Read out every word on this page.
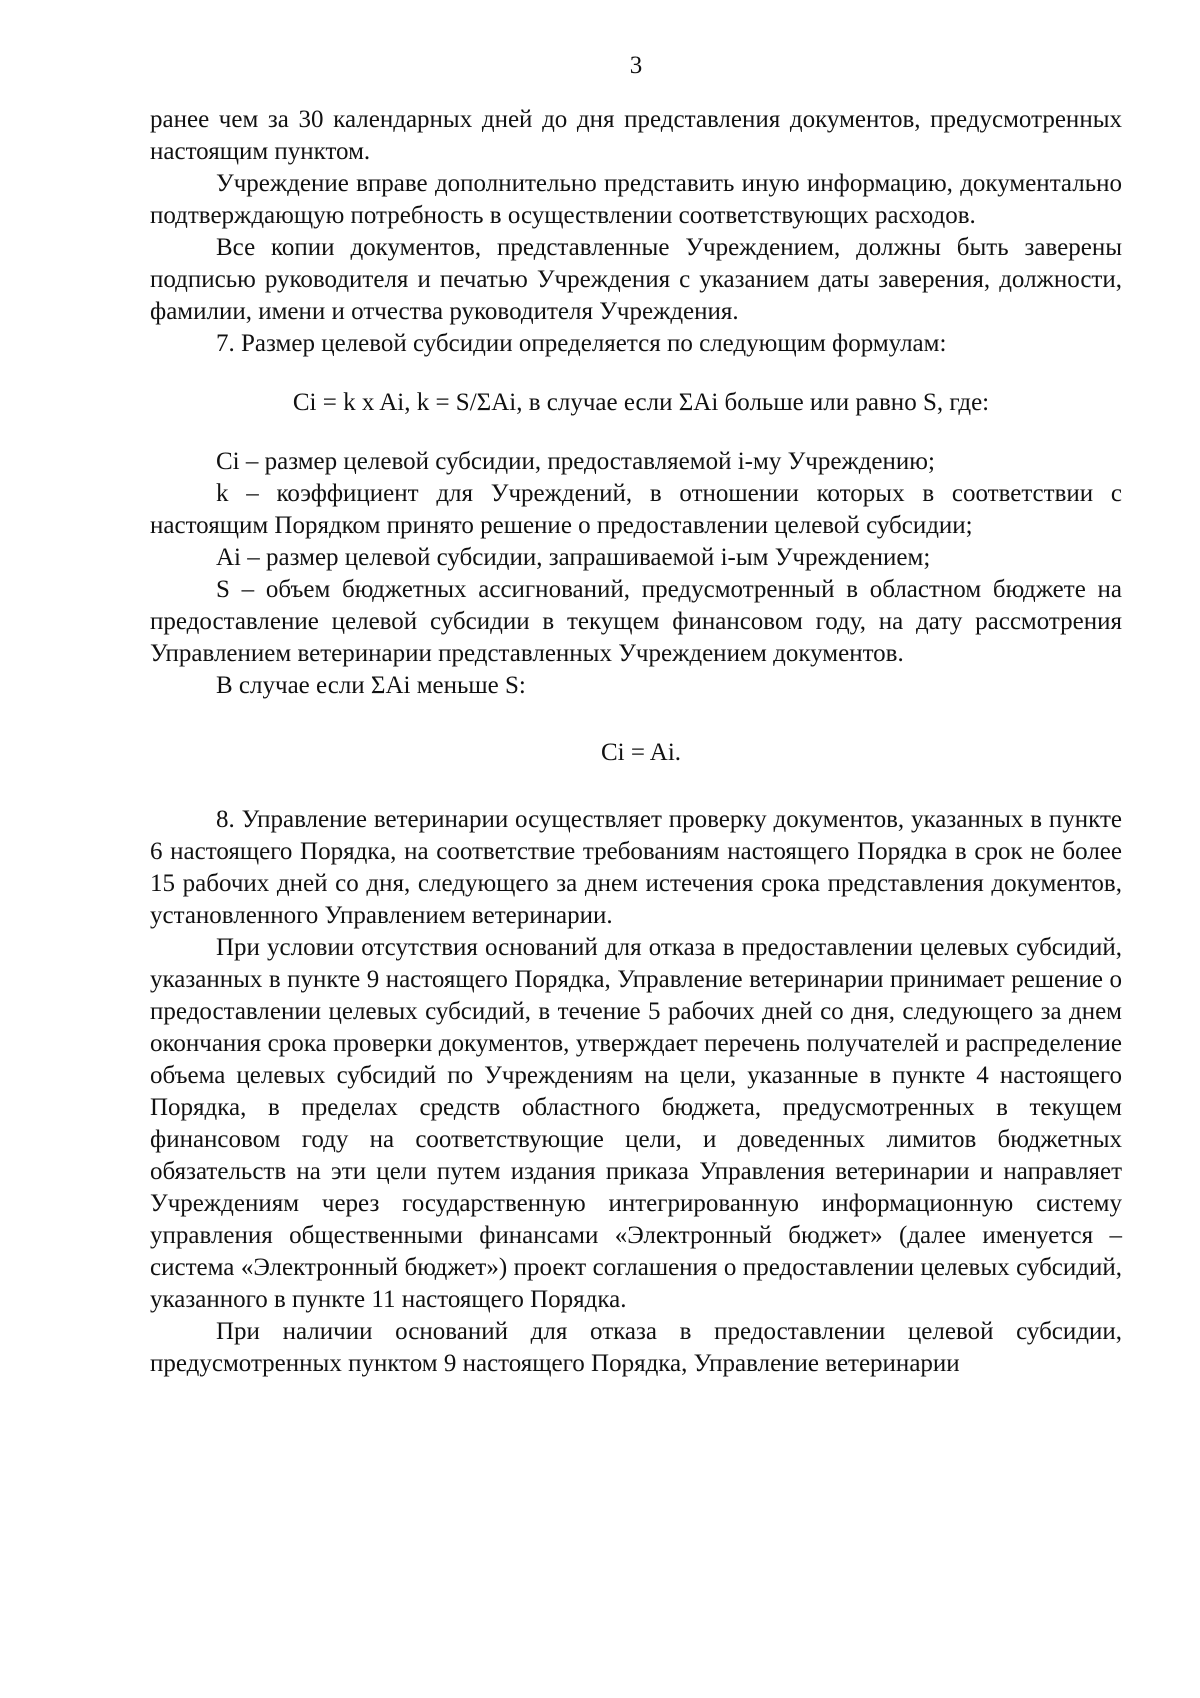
3

ранее чем за 30 календарных дней до дня представления документов, предусмотренных настоящим пунктом.

Учреждение вправе дополнительно представить иную информацию, документально подтверждающую потребность в осуществлении соответствующих расходов.

Все копии документов, представленные Учреждением, должны быть заверены подписью руководителя и печатью Учреждения с указанием даты заверения, должности, фамилии, имени и отчества руководителя Учреждения.

7. Размер целевой субсидии определяется по следующим формулам:

Ci = k x Ai, k = S/ΣAi, в случае если ΣAi больше или равно S, где:

Ci – размер целевой субсидии, предоставляемой i-му Учреждению;

k – коэффициент для Учреждений, в отношении которых в соответствии с настоящим Порядком принято решение о предоставлении целевой субсидии;

Ai – размер целевой субсидии, запрашиваемой i-ым Учреждением;

S – объем бюджетных ассигнований, предусмотренный в областном бюджете на предоставление целевой субсидии в текущем финансовом году, на дату рассмотрения Управлением ветеринарии представленных Учреждением документов.

В случае если ΣAi меньше S:

Ci = Ai.

8. Управление ветеринарии осуществляет проверку документов, указанных в пункте 6 настоящего Порядка, на соответствие требованиям настоящего Порядка в срок не более 15 рабочих дней со дня, следующего за днем истечения срока представления документов, установленного Управлением ветеринарии.

При условии отсутствия оснований для отказа в предоставлении целевых субсидий, указанных в пункте 9 настоящего Порядка, Управление ветеринарии принимает решение о предоставлении целевых субсидий, в течение 5 рабочих дней со дня, следующего за днем окончания срока проверки документов, утверждает перечень получателей и распределение объема целевых субсидий по Учреждениям на цели, указанные в пункте 4 настоящего Порядка, в пределах средств областного бюджета, предусмотренных в текущем финансовом году на соответствующие цели, и доведенных лимитов бюджетных обязательств на эти цели путем издания приказа Управления ветеринарии и направляет Учреждениям через государственную интегрированную информационную систему управления общественными финансами «Электронный бюджет» (далее именуется – система «Электронный бюджет») проект соглашения о предоставлении целевых субсидий, указанного в пункте 11 настоящего Порядка.

При наличии оснований для отказа в предоставлении целевой субсидии, предусмотренных пунктом 9 настоящего Порядка, Управление ветеринарии
